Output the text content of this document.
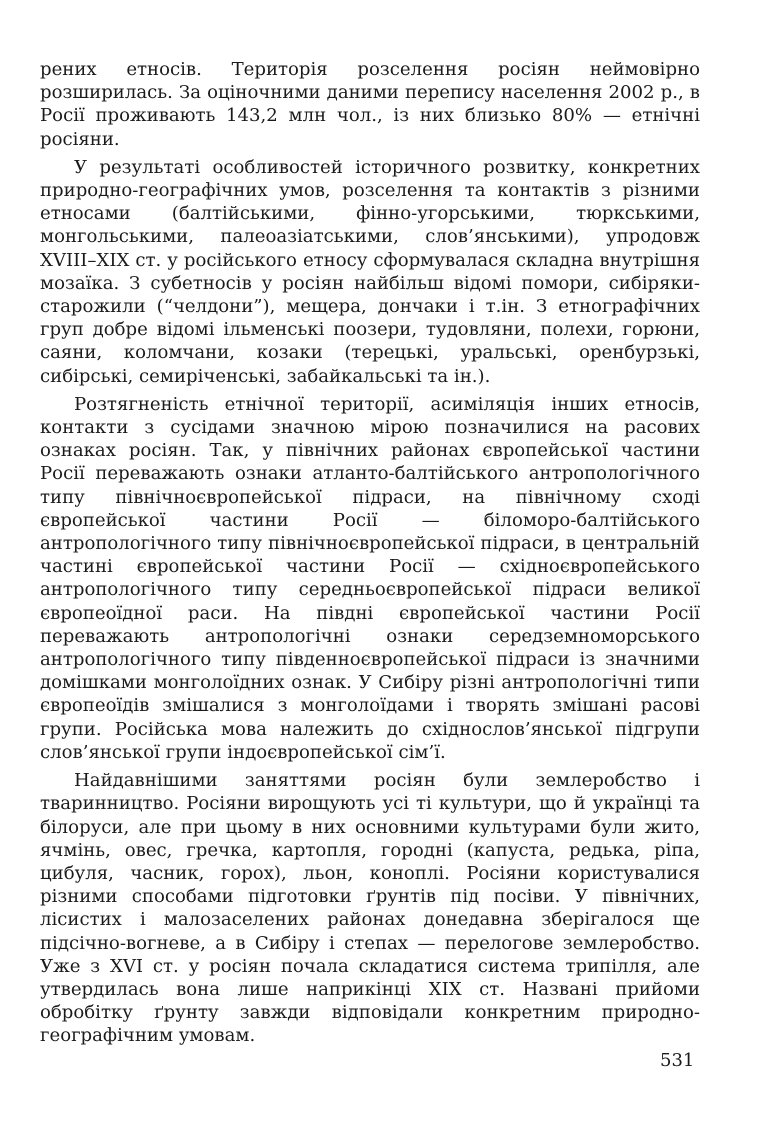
рених етносів. Територія розселення росіян неймовірно розширилась. За оціночними даними перепису населення 2002 р., в Росії проживають 143,2 млн чол., із них близько 80% — етнічні росіяни.

У результаті особливостей історичного розвитку, конкретних природно-географічних умов, розселення та контактів з різними етносами (балтійськими, фінно-угорськими, тюркськими, монгольськими, палеоазіатськими, слов’янськими), упродовж XVIII–XIX ст. у російського етносу сформувалася складна внутрішня мозаїка. З субетносів у росіян найбільш відомі помори, сибіряки-старожили (“челдони”), мещера, дончаки і т.ін. З етнографічних груп добре відомі ільменські поозери, тудовляни, полехи, горюни, саяни, коломчани, козаки (терецькі, уральські, оренбурзькі, сибірські, семиріченські, забайкальські та ін.).

Розтягненість етнічної території, асиміляція інших етносів, контакти з сусідами значною мірою позначилися на расових ознаках росіян. Так, у північних районах європейської частини Росії переважають ознаки атланто-балтійського антропологічного типу північноєвропейської підраси, на північному сході європейської частини Росії — біломоро-балтійського антропологічного типу північноєвропейської підраси, в центральній частині європейської частини Росії — східноєвропейського антропологічного типу середньоєвропейської підраси великої європеоїдної раси. На півдні європейської частини Росії переважають антропологічні ознаки середземноморського антропологічного типу південноєвропейської підраси із значними домішками монголоїдних ознак. У Сибіру різні антропологічні типи європеоїдів змішалися з монголоїдами і творять змішані расові групи. Російська мова належить до східнослов’янської підгрупи слов’янської групи індоєвропейської сім’ї.

Найдавнішими заняттями росіян були землеробство і тваринництво. Росіяни вирощують усі ті культури, що й українці та білоруси, але при цьому в них основними культурами були жито, ячмінь, овес, гречка, картопля, городні (капуста, редька, ріпа, цибуля, часник, горох), льон, коноплі. Росіяни користувалися різними способами підготовки ґрунтів під посіви. У північних, лісистих і малозаселених районах донедавна зберігалося ще підсічно-вогневе, а в Сибіру і степах — перелогове землеробство. Уже з XVI ст. у росіян почала складатися система трипілля, але утвердилась вона лише наприкінці XIX ст. Названі прийоми обробітку ґрунту завжди відповідали конкретним природно-географічним умовам.

531
